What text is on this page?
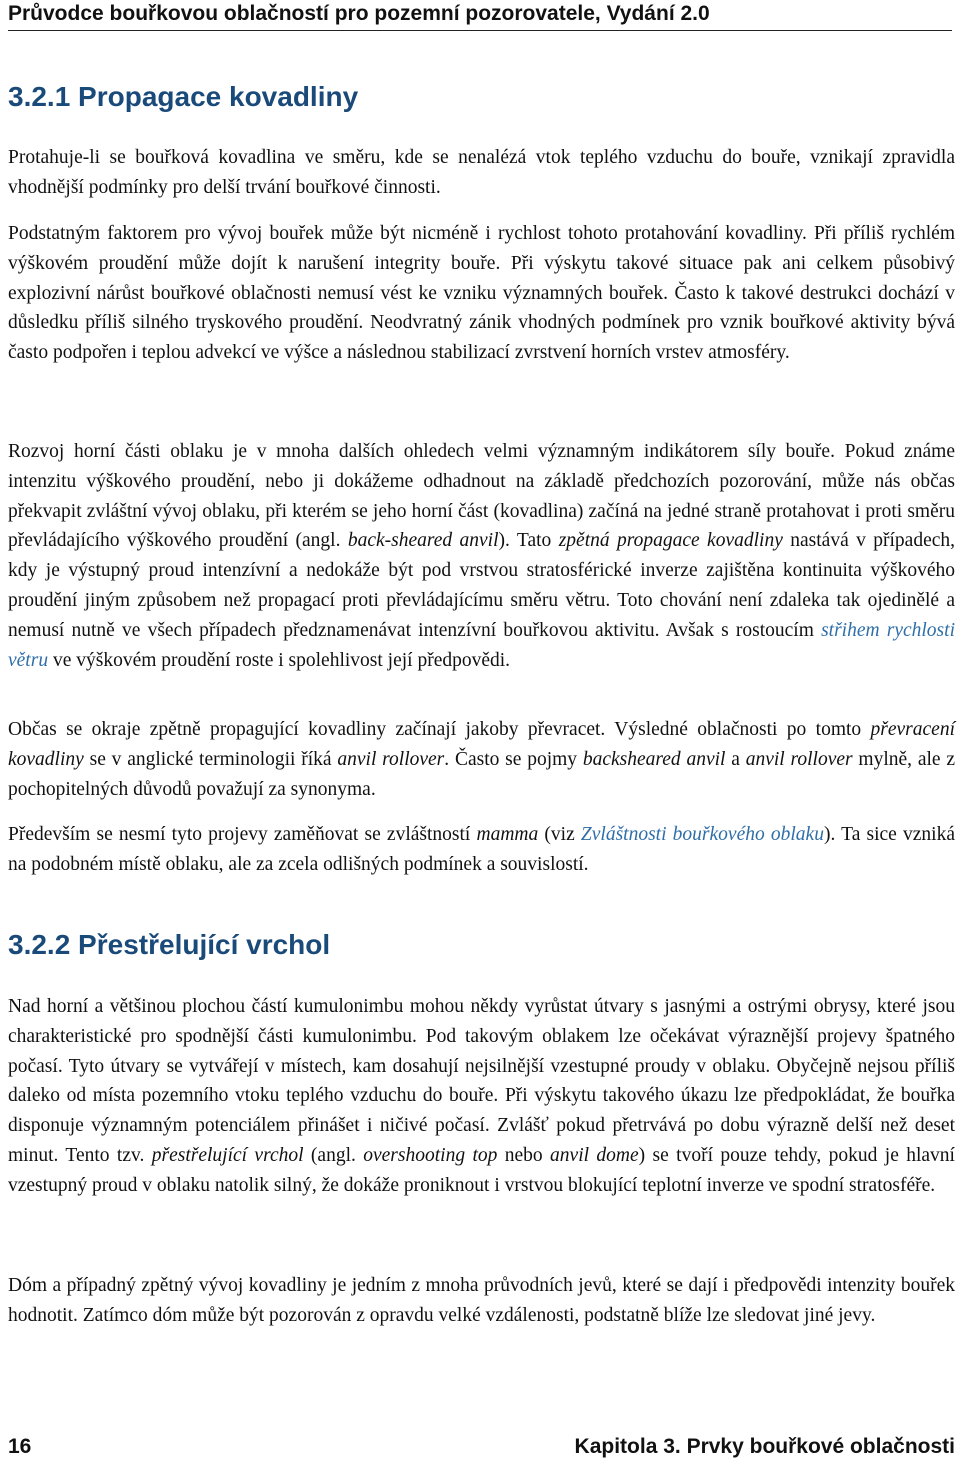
Průvodce bouřkovou oblačností pro pozemní pozorovatele, Vydání 2.0
3.2.1 Propagace kovadliny

Protahuje-li se bouřková kovadlina ve směru, kde se nenalézá vtok teplého vzduchu do bouře, vznikají zpravidla vhodnější podmínky pro delší trvání bouřkové činnosti.

Podstatným faktorem pro vývoj bouřek může být nicméně i rychlost tohoto protahování kovadliny. Při příliš rychlém výškovém proudění může dojít k narušení integrity bouře. Při výskytu takové situace pak ani celkem působivý explozivní nárůst bouřkové oblačnosti nemusí vést ke vzniku významných bouřek. Často k takové destrukci dochází v důsledku příliš silného tryskového proudění. Neodvratný zánik vhodných podmínek pro vznik bouřkové aktivity bývá často podpořen i teplou advekcí ve výšce a následnou stabilizací zvrstvení horních vrstev atmosféry.

Rozvoj horní části oblaku je v mnoha dalších ohledech velmi významným indikátorem síly bouře. Pokud známe intenzitu výškového proudění, nebo ji dokážeme odhadnout na základě předchozích pozorování, může nás občas překvapit zvláštní vývoj oblaku, při kterém se jeho horní část (kovadlina) začíná na jedné straně protahovat i proti směru převládajícího výškového proudění (angl. back-sheared anvil). Tato zpětná propagace kovadliny nastává v případech, kdy je výstupný proud intenzívní a nedokáže být pod vrstvou stratosférické inverze zajištěna kontinuita výškového proudění jiným způsobem než propagací proti převládajícímu směru větru. Toto chování není zdaleka tak ojedinělé a nemusí nutně ve všech případech předznamenávat intenzívní bouřkovou aktivitu. Avšak s rostoucím střihem rychlosti větru ve výškovém proudění roste i spolehlivost její předpovědi.

Občas se okraje zpětně propagující kovadliny začínají jakoby převracet. Výsledné oblačnosti po tomto převracení kovadliny se v anglické terminologii říká anvil rollover. Často se pojmy backsheared anvil a anvil rollover mylně, ale z pochopitelných důvodů považují za synonyma.

Především se nesmí tyto projevy zaměňovat se zvláštností mamma (viz Zvláštnosti bouřkového oblaku). Ta sice vzniká na podobném místě oblaku, ale za zcela odlišných podmínek a souvislostí.

3.2.2 Přestřelující vrchol

Nad horní a většinou plochou částí kumulonimbu mohou někdy vyrůstat útvary s jasnými a ostrými obrysy, které jsou charakteristické pro spodnější části kumulonimbu. Pod takovým oblakem lze očekávat výraznější projevy špatného počasí. Tyto útvary se vytvářejí v místech, kam dosahují nejsilnější vzestupné proudy v oblaku. Obyčejně nejsou příliš daleko od místa pozemního vtoku teplého vzduchu do bouře. Při výskytu takového úkazu lze předpokládat, že bouřka disponuje významným potenciálem přinášet i ničivé počasí. Zvlášť pokud přetrvává po dobu výrazně delší než deset minut. Tento tzv. přestřelující vrchol (angl. overshooting top nebo anvil dome) se tvoří pouze tehdy, pokud je hlavní vzestupný proud v oblaku natolik silný, že dokáže proniknout i vrstvou blokující teplotní inverze ve spodní stratosféře.

Dóm a případný zpětný vývoj kovadliny je jedním z mnoha průvodních jevů, které se dají i předpovědi intenzity bouřek hodnotit. Zatímco dóm může být pozorován z opravdu velké vzdálenosti, podstatně blíže lze sledovat jiné jevy.

16	Kapitola 3. Prvky bouřkové oblačnosti
